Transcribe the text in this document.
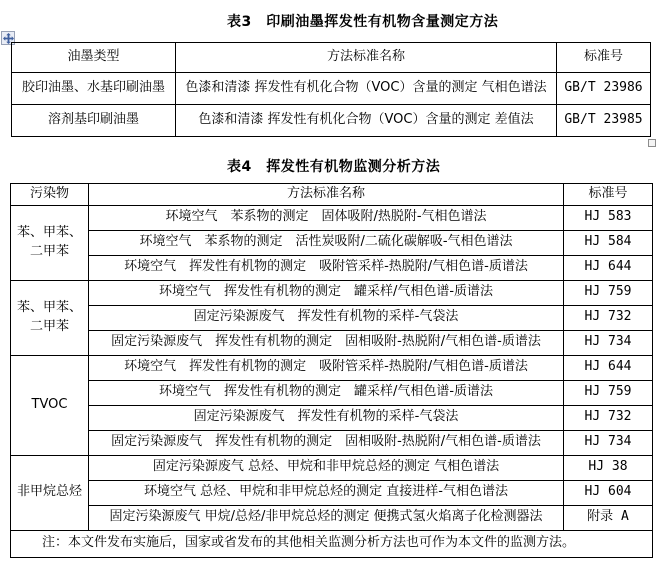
表3　印刷油墨挥发性有机物含量测定方法
油墨类型	方法标准名称	标准号
胶印油墨、水基印刷油墨	色漆和清漆 挥发性有机化合物（VOC）含量的测定 气相色谱法	GB/T 23986
溶剂基印刷油墨	色漆和清漆 挥发性有机化合物（VOC）含量的测定 差值法	GB/T 23985
表4　挥发性有机物监测分析方法
污染物	方法标准名称	标准号
苯、甲苯、二甲苯	环境空气　苯系物的测定　固体吸附/热脱附-气相色谱法	HJ 583
	环境空气　苯系物的测定　活性炭吸附/二硫化碳解吸-气相色谱法	HJ 584
	环境空气　挥发性有机物的测定　吸附管采样-热脱附/气相色谱-质谱法	HJ 644
苯、甲苯、二甲苯	环境空气　挥发性有机物的测定　罐采样/气相色谱-质谱法	HJ 759
	固定污染源废气　挥发性有机物的采样-气袋法	HJ 732
	固定污染源废气　挥发性有机物的测定　固相吸附-热脱附/气相色谱-质谱法	HJ 734
TVOC	环境空气　挥发性有机物的测定　吸附管采样-热脱附/气相色谱-质谱法	HJ 644
	环境空气　挥发性有机物的测定　罐采样/气相色谱-质谱法	HJ 759
	固定污染源废气　挥发性有机物的采样-气袋法	HJ 732
	固定污染源废气　挥发性有机物的测定　固相吸附-热脱附/气相色谱-质谱法	HJ 734
非甲烷总烃	固定污染源废气 总烃、甲烷和非甲烷总烃的测定 气相色谱法	HJ 38
	环境空气 总烃、甲烷和非甲烷总烃的测定 直接进样-气相色谱法	HJ 604
	固定污染源废气 甲烷/总烃/非甲烷总烃的测定 便携式氢火焰离子化检测器法	附录 A
注：本文件发布实施后，国家或省发布的其他相关监测分析方法也可作为本文件的监测方法。		
